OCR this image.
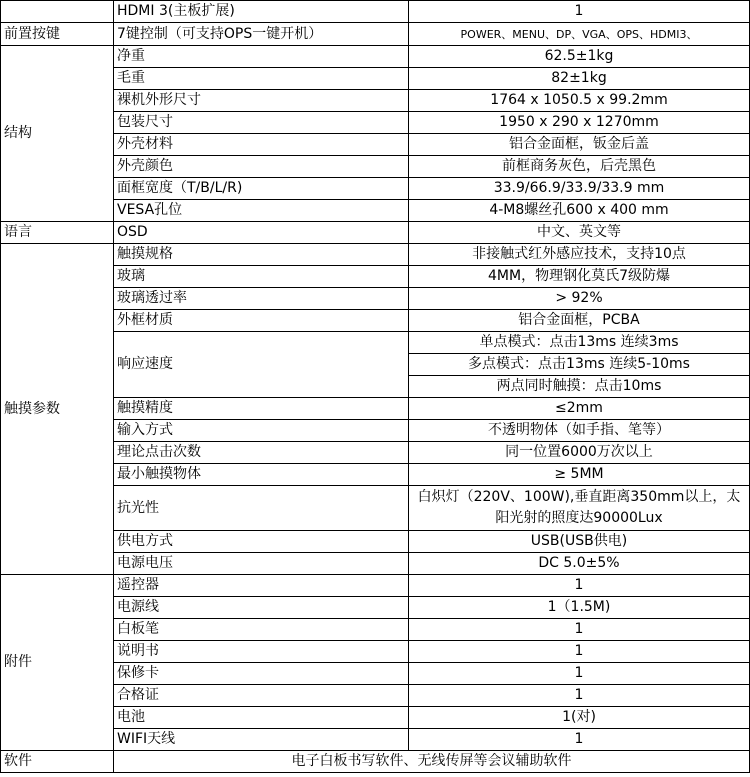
	HDMI 3(主板扩展)	1
前置按键	7键控制（可支持OPS一键开机）	POWER、MENU、DP、VGA、OPS、HDMI3、
结构	净重	62.5±1kg
	毛重	82±1kg
	裸机外形尺寸	1764 x 1050.5 x 99.2mm
	包装尺寸	1950 x 290 x 1270mm
	外壳材料	铝合金面框，钣金后盖
	外壳颜色	前框商务灰色，后壳黑色
	面框宽度（T/B/L/R)	33.9/66.9/33.9/33.9 mm
	VESA孔位	4-M8螺丝孔600 x 400 mm
语言	OSD	中文、英文等
触摸参数	触摸规格	非接触式红外感应技术，支持10点
	玻璃	4MM，物理钢化莫氏7级防爆
	玻璃透过率	> 92%
	外框材质	铝合金面框，PCBA
	响应速度	单点模式：点击13ms 连续3ms
		多点模式：点击13ms 连续5-10ms
		两点同时触摸：点击10ms
	触摸精度	≤2mm
	输入方式	不透明物体（如手指、笔等）
	理论点击次数	同一位置6000万次以上
	最小触摸物体	≥ 5MM
	抗光性	白炽灯（220V、100W),垂直距离350mm以上，太阳光射的照度达90000Lux
	供电方式	USB(USB供电)
	电源电压	DC 5.0±5%
附件	遥控器	1
	电源线	1（1.5M)
	白板笔	1
	说明书	1
	保修卡	1
	合格证	1
	电池	1(对)
	WIFI天线	1
软件	电子白板书写软件、无线传屏等会议辅助软件	
